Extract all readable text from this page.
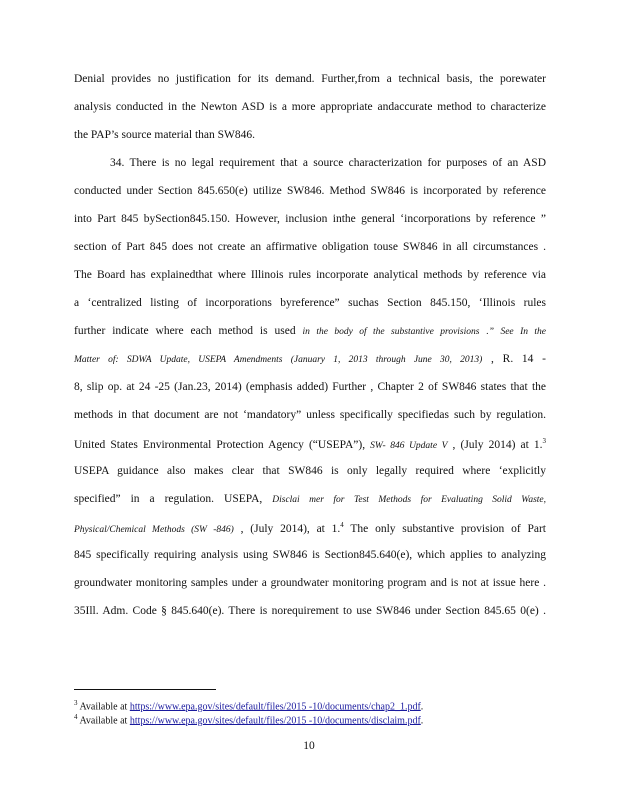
Denial provides no justification for its demand. Further,from a technical basis, the porewater
analysis conducted in the Newton ASD is a more appropriate andaccurate method to characterize
the PAP’s source material than SW846.
34. There is no legal requirement that a source characterization for purposes of an ASD
conducted under Section 845.650(e) utilize SW846. Method SW846 is incorporated by reference
into Part 845 bySection845.150. However, inclusion inthe general ‘incorporations by reference ”
section of Part 845 does not create an affirmative obligation touse SW846 in all circumstances .
The Board has explainedthat where Illinois rules incorporate analytical methods by reference via
a ‘centralized listing of incorporations byreference” suchas Section 845.150, ‘Illinois rules
further indicate where each method is used in the body of the substantive provisions .” See In the
Matter of: SDWA Update, USEPA Amendments (January 1, 2013 through June 30, 2013) , R. 14 -
8, slip op. at 24 -25 (Jan.23, 2014) (emphasis added) Further , Chapter 2 of SW846 states that the
methods in that document are not ‘mandatory” unless specifically specifiedas such by regulation.
United States Environmental Protection Agency (“USEPA”), SW- 846 Update V , (July 2014) at 1.$^3$
USEPA guidance also makes clear that SW846 is only legally required where ‘explicitly
specified” in a regulation. USEPA, Disclai mer for Test Methods for Evaluating Solid Waste,
Physical/Chemical Methods (SW -846) , (July 2014), at 1.$^4$ The only substantive provision of Part
845 specifically requiring analysis using SW846 is Section845.640(e), which applies to analyzing
groundwater monitoring samples under a groundwater monitoring program and is not at issue here .
35Ill. Adm. Code § 845.640(e). There is norequirement to use SW846 under Section 845.65 0(e) .
$^3$ Available at https://www.epa.gov/sites/default/files/2015 -10/documents/chap2_1.pdf.
$^4$ Available at https://www.epa.gov/sites/default/files/2015 -10/documents/disclaim.pdf.
10
